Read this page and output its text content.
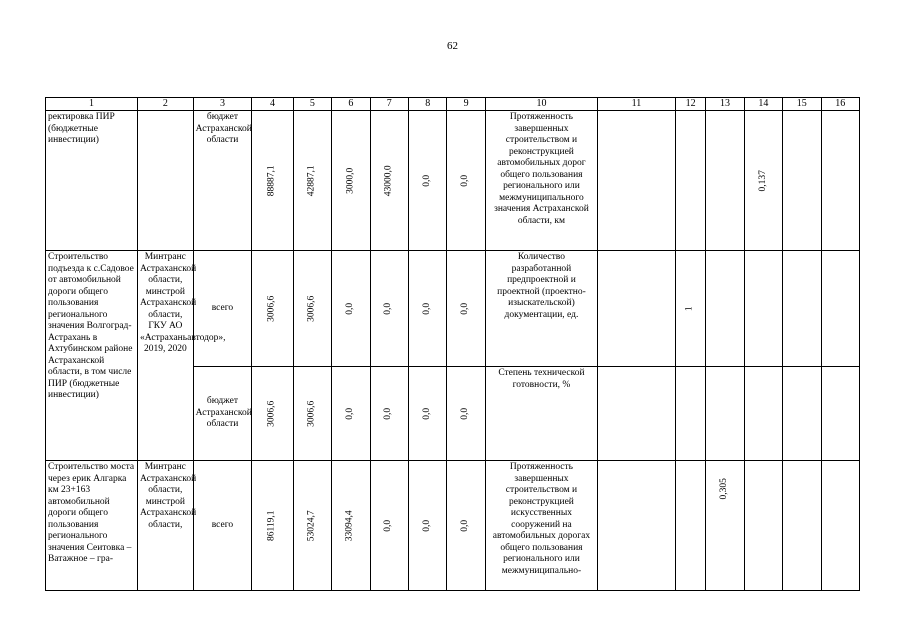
62
1	2	3	4	5	6	7	8	9	10	11	12	13	14	15	16
ректировка ПИР (бюджетные инвестиции)		бюджет Астраханской области	88887,1	42887,1	3000,0	43000,0	0,0	0,0	Протяженность завершенных строительством и реконструкцией автомобильных дорог общего пользования регионального или межмуниципального значения Астраханской области, км				0,137		
Строительство подъезда к с.Садовое от автомобильной дороги общего пользования регионального значения Волгоград-Астрахань в Ахтубинском районе Астраханской области, в том числе ПИР (бюджетные инвестиции)	Минтранс Астраханской области, минстрой Астраханской области, ГКУ АО «Астраханьавтодор», 2019, 2020	всего	3006,6	3006,6	0,0	0,0	0,0	0,0	Количество разработанной предпроектной и проектной (проектно-изыскательской) документации, ед.		1				
		бюджет Астраханской области	3006,6	3006,6	0,0	0,0	0,0	0,0	Степень технической готовности, %						
Строительство моста через ерик Алгарка км 23+163 автомобильной дороги общего пользования регионального значения Сеитовка – Ватажное – гра-	Минтранс Астраханской области, минстрой Астраханской области,	всего	86119,1	53024,7	33094,4	0,0	0,0	0,0	Протяженность завершенных строительством и реконструкцией искусственных сооружений на автомобильных дорогах общего пользования регионального или межмуниципально-			0,305			
